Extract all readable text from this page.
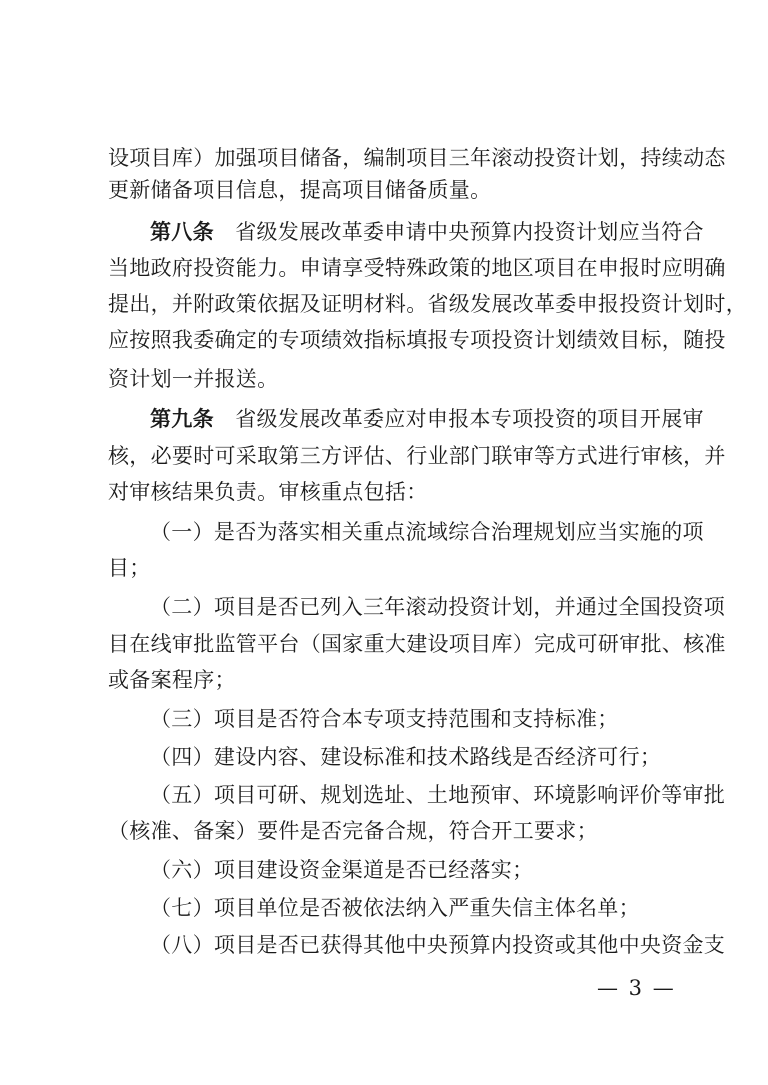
设项目库）加强项目储备，编制项目三年滚动投资计划，持续动态
更新储备项目信息，提高项目储备质量。
第八条　省级发展改革委申请中央预算内投资计划应当符合
当地政府投资能力。申请享受特殊政策的地区项目在申报时应明确
提出，并附政策依据及证明材料。省级发展改革委申报投资计划时，
应按照我委确定的专项绩效指标填报专项投资计划绩效目标，随投
资计划一并报送。
第九条　省级发展改革委应对申报本专项投资的项目开展审
核，必要时可采取第三方评估、行业部门联审等方式进行审核，并
对审核结果负责。审核重点包括：
（一）是否为落实相关重点流域综合治理规划应当实施的项
目；
（二）项目是否已列入三年滚动投资计划，并通过全国投资项
目在线审批监管平台（国家重大建设项目库）完成可研审批、核准
或备案程序；
（三）项目是否符合本专项支持范围和支持标准；
（四）建设内容、建设标准和技术路线是否经济可行；
（五）项目可研、规划选址、土地预审、环境影响评价等审批
（核准、备案）要件是否完备合规，符合开工要求；
（六）项目建设资金渠道是否已经落实；
（七）项目单位是否被依法纳入严重失信主体名单；
（八）项目是否已获得其他中央预算内投资或其他中央资金支
— 3 —
